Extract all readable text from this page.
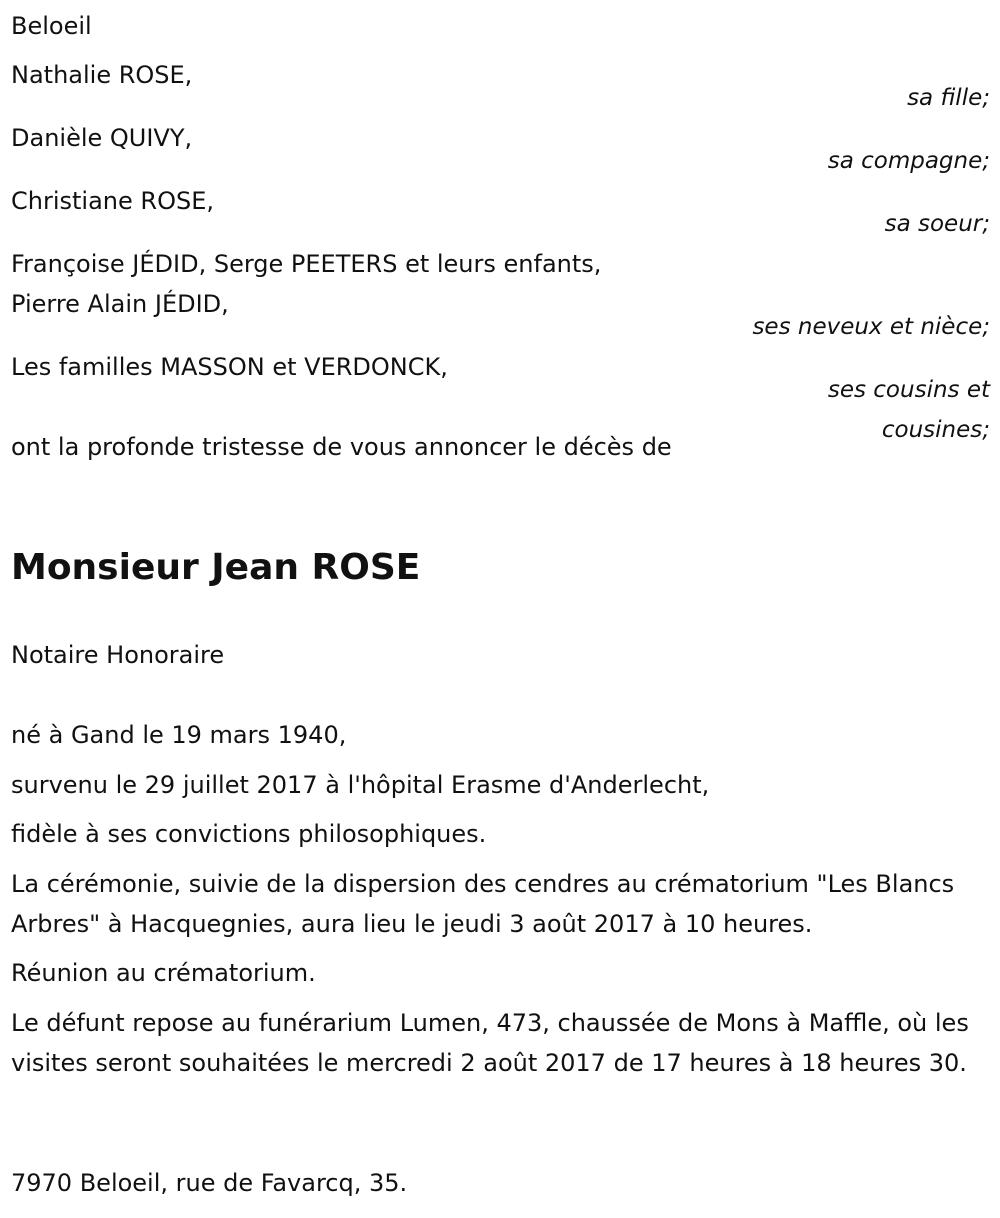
Beloeil

Nathalie ROSE,

sa fille;

Danièle QUIVY,

sa compagne;

Christiane ROSE,

sa soeur;

Françoise JÉDID, Serge PEETERS et leurs enfants,

Pierre Alain JÉDID,

ses neveux et nièce;

Les familles MASSON et VERDONCK,

ses cousins et

cousines;

ont la profonde tristesse de vous annoncer le décès de

Monsieur Jean ROSE

Notaire Honoraire

né à Gand le 19 mars 1940,

survenu le 29 juillet 2017 à l'hôpital Erasme d'Anderlecht,

fidèle à ses convictions philosophiques.

La cérémonie, suivie de la dispersion des cendres au crématorium "Les Blancs Arbres" à Hacquegnies, aura lieu le jeudi 3 août 2017 à 10 heures.

Réunion au crématorium.

Le défunt repose au funérarium Lumen, 473, chaussée de Mons à Maffle, où les visites seront souhaitées le mercredi 2 août 2017 de 17 heures à 18 heures 30.

7970 Beloeil, rue de Favarcq, 35.
